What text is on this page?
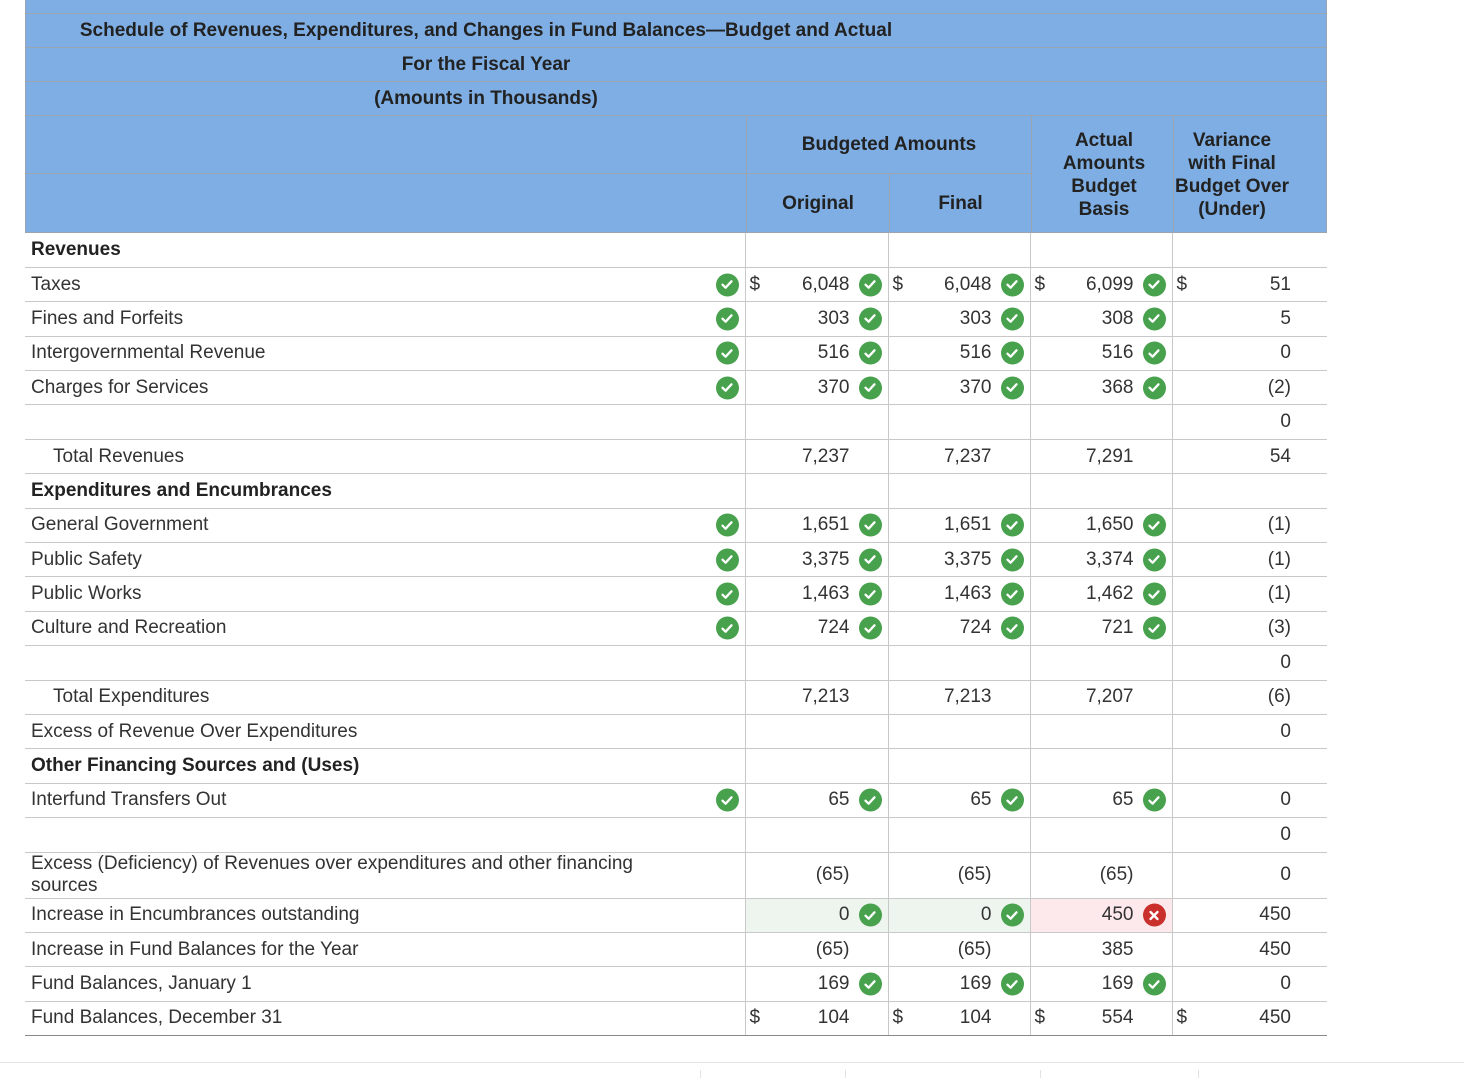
Schedule of Revenues, Expenditures, and Changes in Fund Balances—Budget and Actual
For the Fiscal Year
(Amounts in Thousands)
Budgeted Amounts
Original	Final
Actual Amounts Budget Basis
Variance with Final Budget Over (Under)
Revenues				
Taxes	$ 6,048	$ 6,048	$ 6,099	$ 51

Fines and Forfeits	303	303	308	5

Intergovernmental Revenue	516	516	516	0

Charges for Services	370	370	368	(2)

				0

Total Revenues	7,237	7,237	7,291	54

Expenditures and Encumbrances				
General Government	1,651	1,651	1,650	(1)

Public Safety	3,375	3,375	3,374	(1)

Public Works	1,463	1,463	1,462	(1)

Culture and Recreation	724	724	721	(3)

				0

Total Expenditures	7,213	7,213	7,207	(6)

Excess of Revenue Over Expenditures				0

Other Financing Sources and (Uses)				
Interfund Transfers Out	65	65	65	0

				0

Excess (Deficiency) of Revenues over expenditures and other financing sources	(65)	(65)	(65)	0

Increase in Encumbrances outstanding	0	0	450	450

Increase in Fund Balances for the Year	(65)	(65)	385	450

Fund Balances, January 1	169	169	169	0

Fund Balances, December 31	$ 104	$ 104	$ 554	$ 450
